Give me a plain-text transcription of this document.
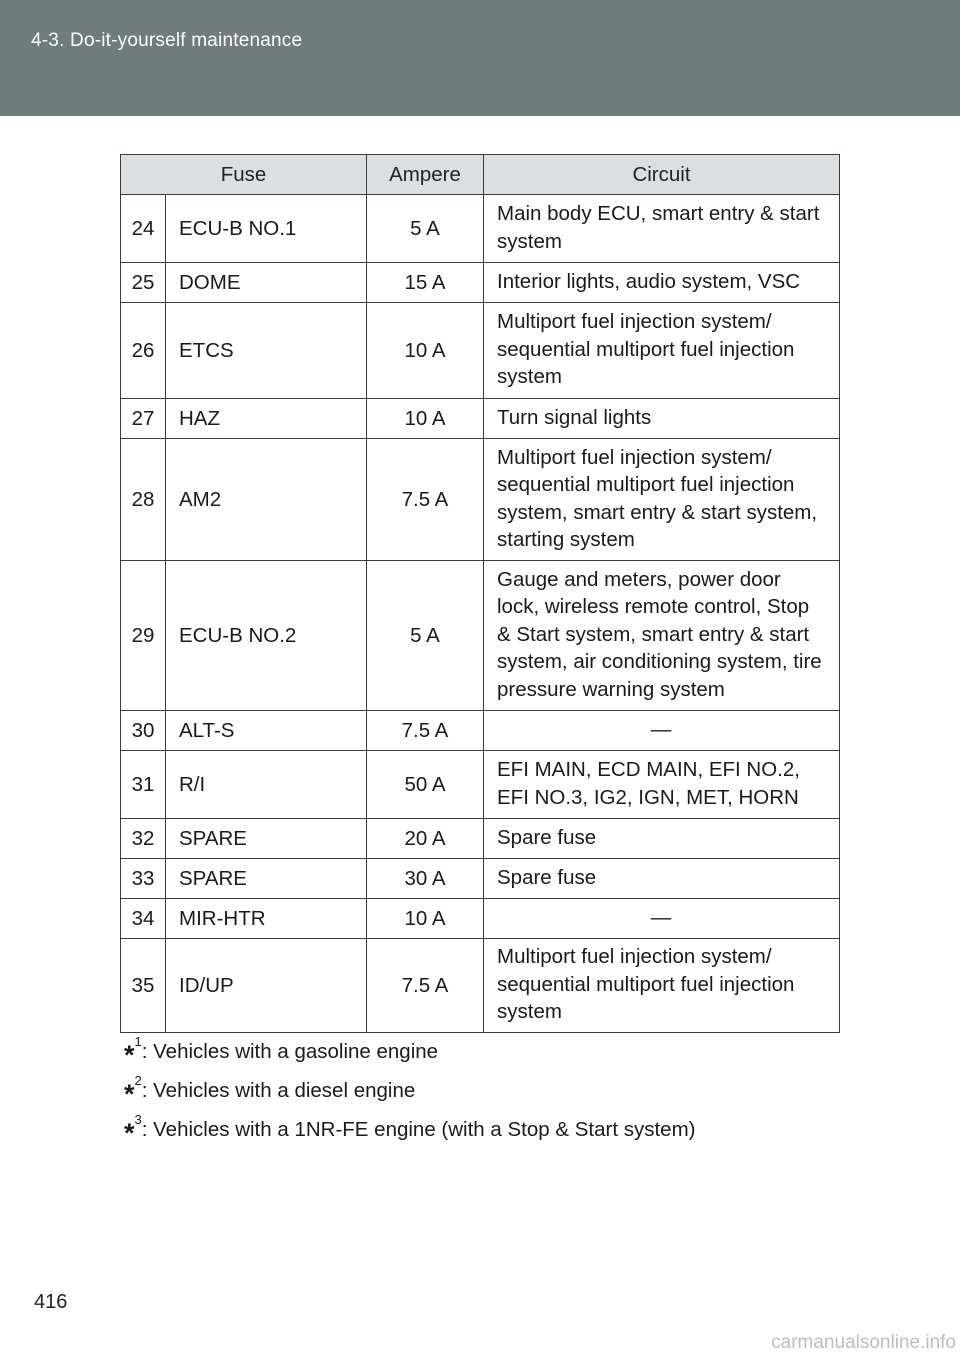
4-3. Do-it-yourself maintenance
Fuse		Ampere	Circuit
24	ECU-B NO.1	5 A	Main body ECU, smart entry & start system
25	DOME	15 A	Interior lights, audio system, VSC
26	ETCS	10 A	Multiport fuel injection system/ sequential multiport fuel injection system
27	HAZ	10 A	Turn signal lights
28	AM2	7.5 A	Multiport fuel injection system/ sequential multiport fuel injection system, smart entry & start system, starting system
29	ECU-B NO.2	5 A	Gauge and meters, power door lock, wireless remote control, Stop & Start system, smart entry & start system, air conditioning system, tire pressure warning system
30	ALT-S	7.5 A	—
31	R/I	50 A	EFI MAIN, ECD MAIN, EFI NO.2, EFI NO.3, IG2, IGN, MET, HORN
32	SPARE	20 A	Spare fuse
33	SPARE	30 A	Spare fuse
34	MIR-HTR	10 A	—
35	ID/UP	7.5 A	Multiport fuel injection system/ sequential multiport fuel injection system
*$^1$: Vehicles with a gasoline engine
*$^2$: Vehicles with a diesel engine
*$^3$: Vehicles with a 1NR-FE engine (with a Stop & Start system)
416
carmanualsonline.info
